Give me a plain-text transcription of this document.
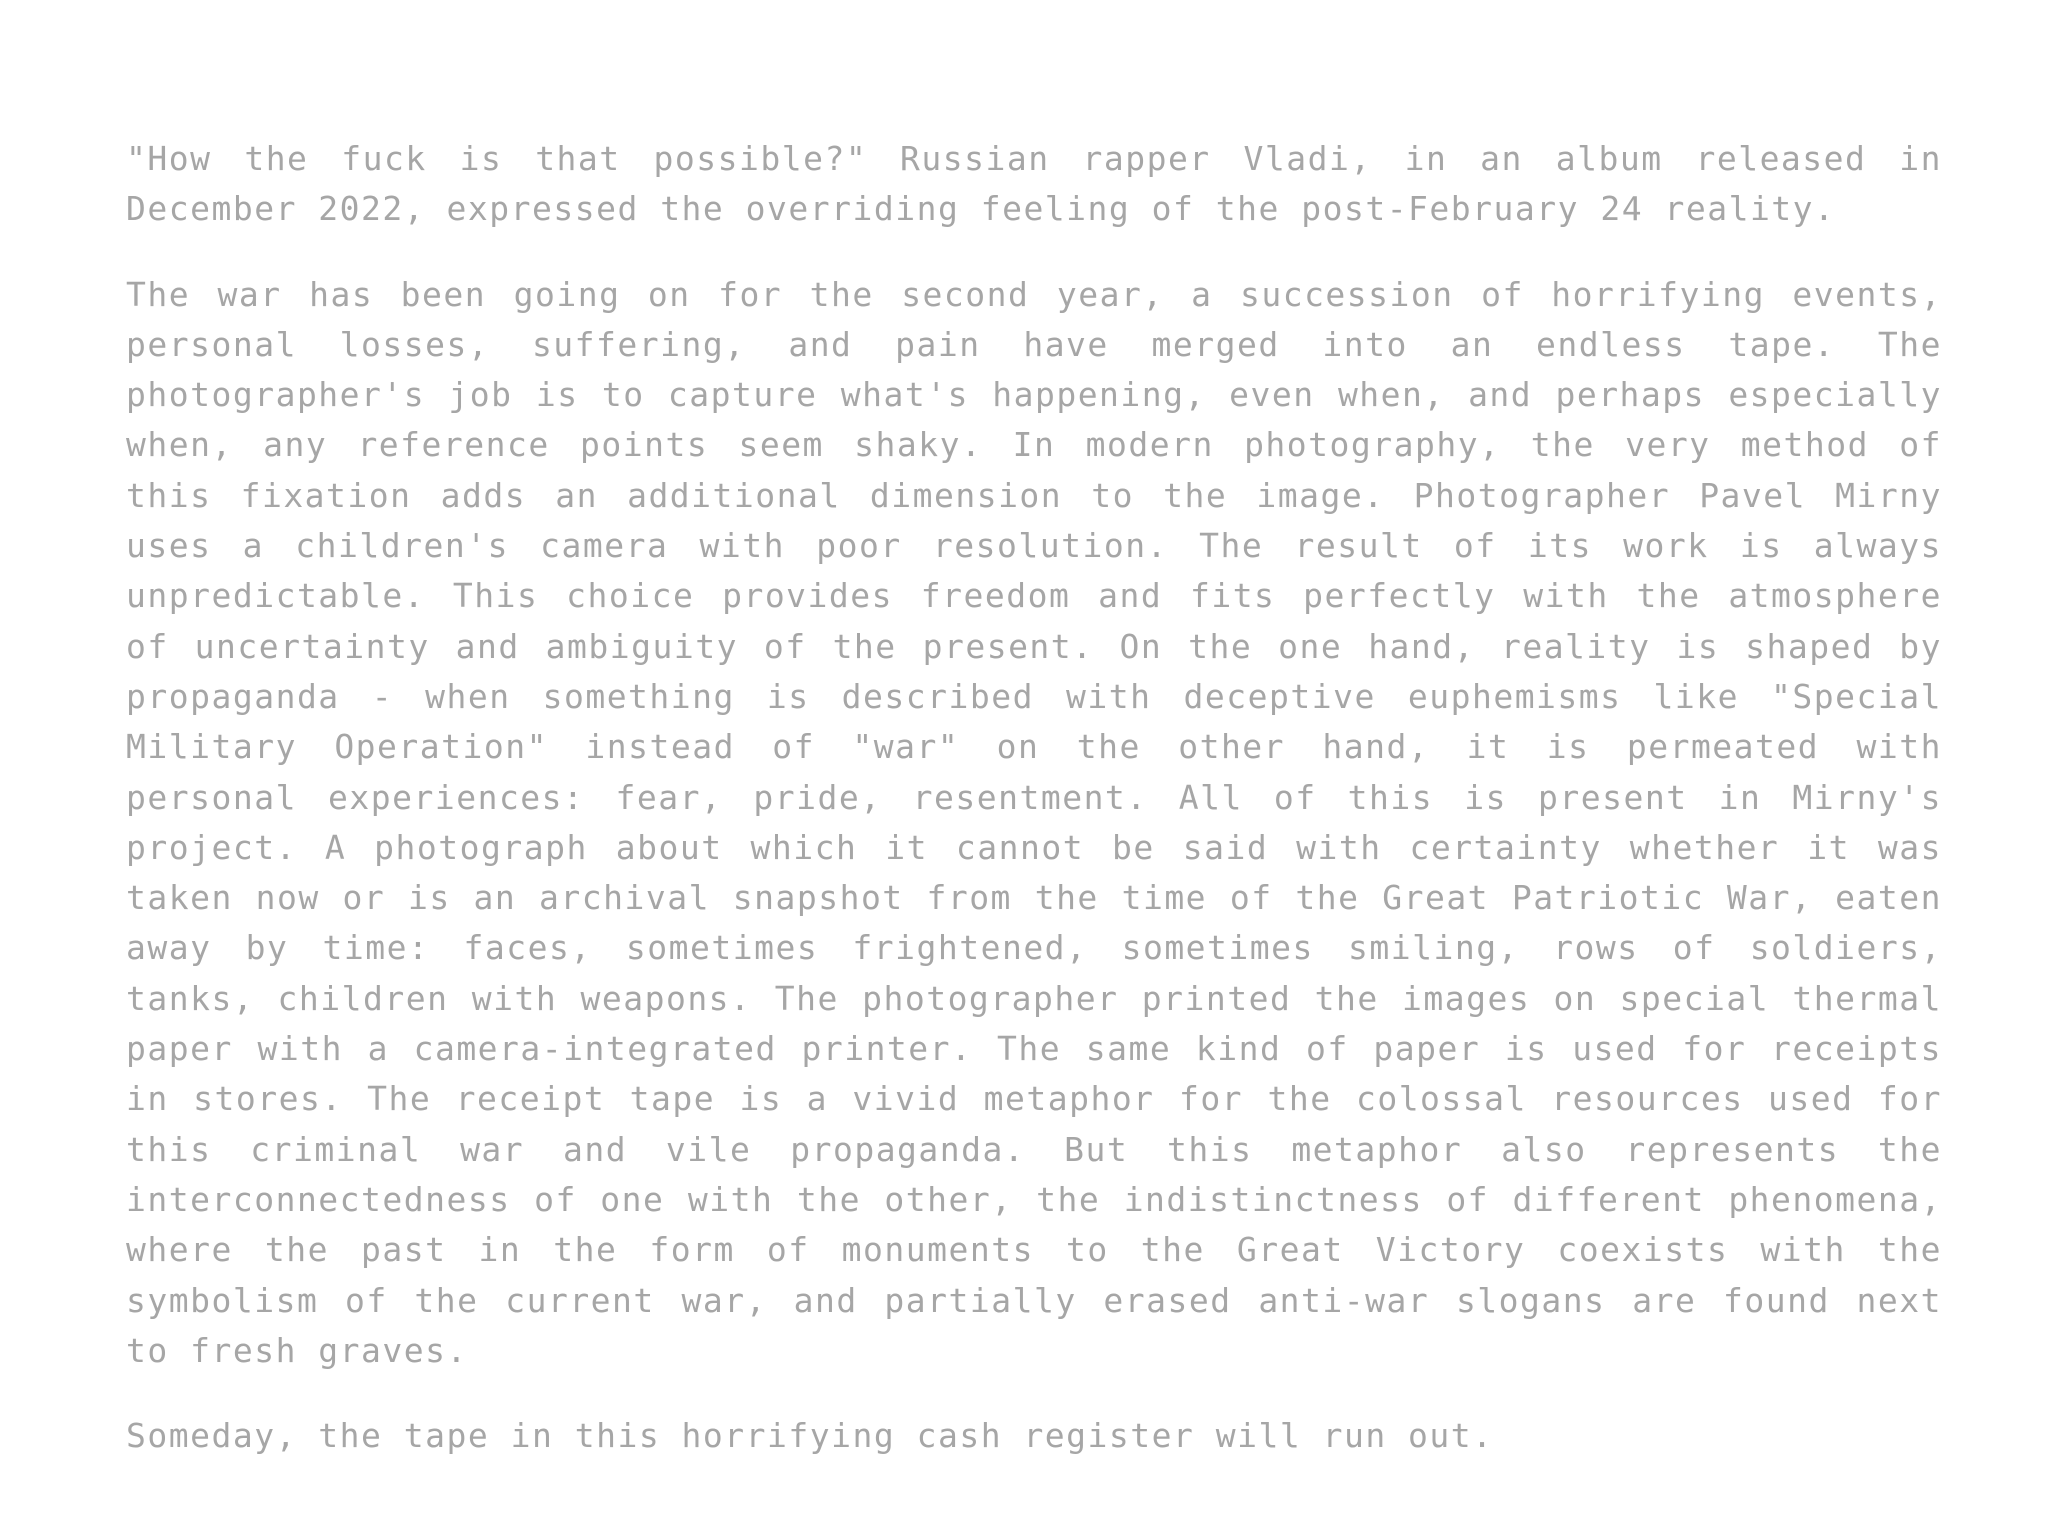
"How the fuck is that possible?" Russian rapper Vladi, in an album released in December 2022, expressed the overriding feeling of the post-February 24 reality.

The war has been going on for the second year, a succession of horrifying events, personal losses, suffering, and pain have merged into an endless tape. The photographer's job is to capture what's happening, even when, and perhaps especially when, any reference points seem shaky. In modern photography, the very method of this fixation adds an additional dimension to the image. Photographer Pavel Mirny uses a children's camera with poor resolution. The result of its work is always unpredictable. This choice provides freedom and fits perfectly with the atmosphere of uncertainty and ambiguity of the present. On the one hand, reality is shaped by propaganda - when something is described with deceptive euphemisms like "Special Military Operation" instead of "war" on the other hand, it is permeated with personal experiences: fear, pride, resentment. All of this is present in Mirny's project. A photograph about which it cannot be said with certainty whether it was taken now or is an archival snapshot from the time of the Great Patriotic War, eaten away by time: faces, sometimes frightened, sometimes smiling, rows of soldiers, tanks, children with weapons. The photographer printed the images on special thermal paper with a camera-integrated printer. The same kind of paper is used for receipts in stores. The receipt tape is a vivid metaphor for the colossal resources used for this criminal war and vile propaganda. But this metaphor also represents the interconnectedness of one with the other, the indistinctness of different phenomena, where the past in the form of monuments to the Great Victory coexists with the symbolism of the current war, and partially erased anti-war slogans are found next to fresh graves.

Someday, the tape in this horrifying cash register will run out.
